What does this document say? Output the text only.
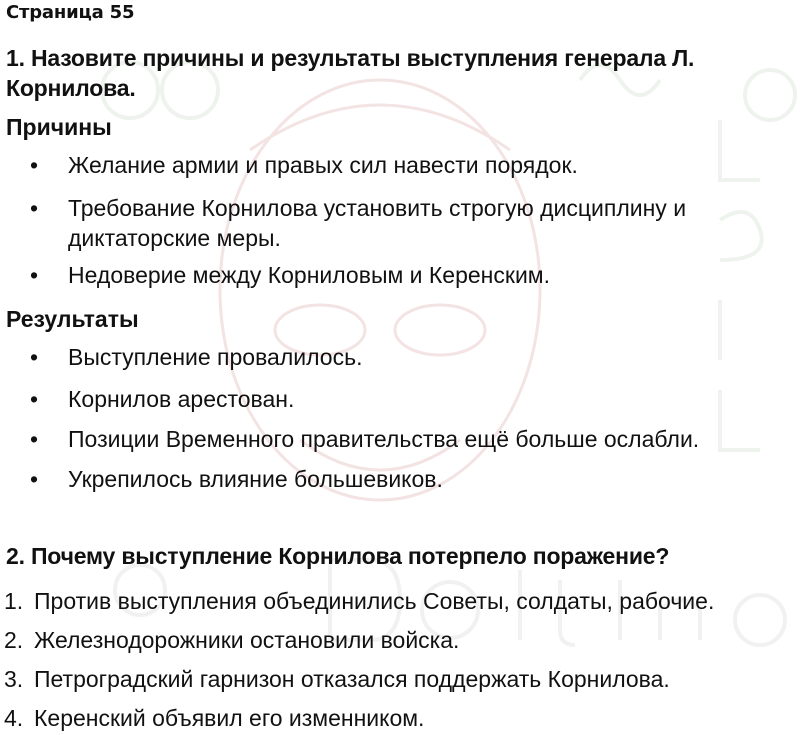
Страница 55
1. Назовите причины и результаты выступления генерала Л. Корнилова.
Причины
• Желание армии и правых сил навести порядок.
• Требование Корнилова установить строгую дисциплину и диктаторские меры.
• Недоверие между Корниловым и Керенским.
Результаты
• Выступление провалилось.
• Корнилов арестован.
• Позиции Временного правительства ещё больше ослабли.
• Укрепилось влияние большевиков.
2. Почему выступление Корнилова потерпело поражение?
1. Против выступления объединились Советы, солдаты, рабочие.
2. Железнодорожники остановили войска.
3. Петроградский гарнизон отказался поддержать Корнилова.
4. Керенский объявил его изменником.
